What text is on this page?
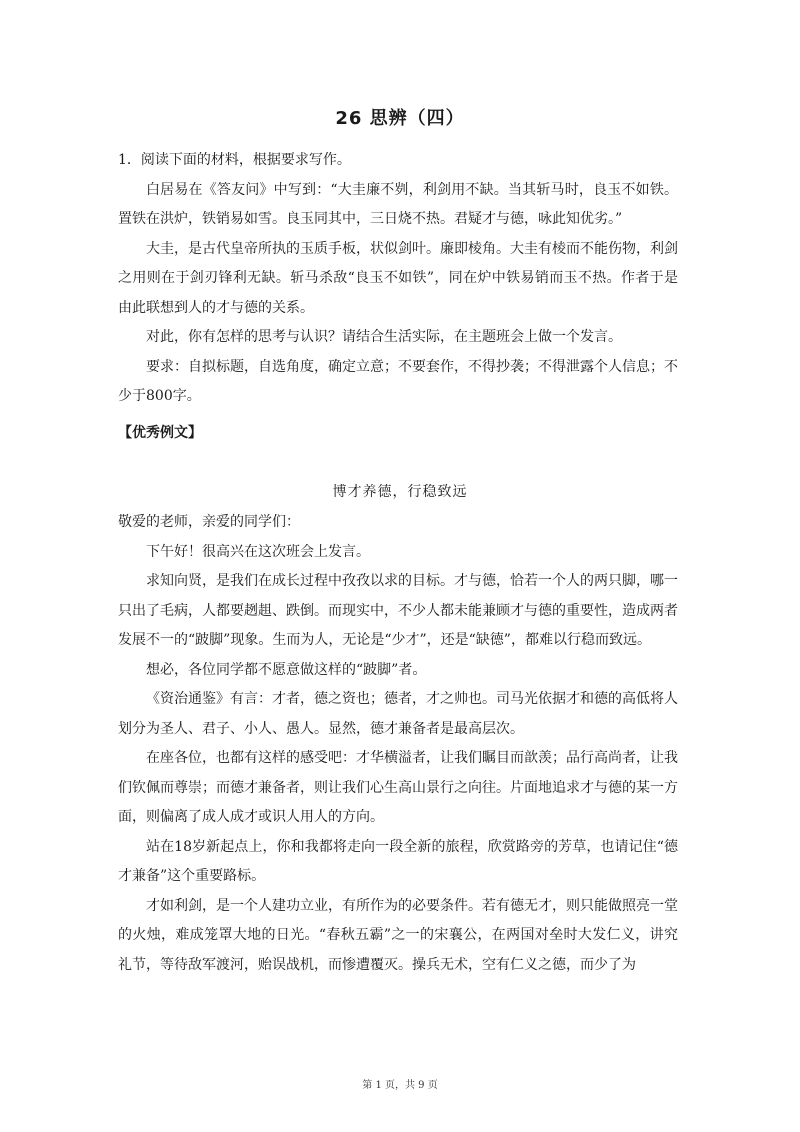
26 思辨（四）

1．阅读下面的材料，根据要求写作。

白居易在《答友问》中写到：“大圭廉不刿，利剑用不缺。当其斩马时，良玉不如铁。置铁在洪炉，铁销易如雪。良玉同其中，三日烧不热。君疑才与德，咏此知优劣。”

大圭，是古代皇帝所执的玉质手板，状似剑叶。廉即棱角。大圭有棱而不能伤物，利剑之用则在于剑刃锋利无缺。斩马杀敌“良玉不如铁”，同在炉中铁易销而玉不热。作者于是由此联想到人的才与德的关系。

对此，你有怎样的思考与认识？请结合生活实际，在主题班会上做一个发言。

要求：自拟标题，自选角度，确定立意；不要套作，不得抄袭；不得泄露个人信息；不少于800字。

【优秀例文】
博才养德，行稳致远

敬爱的老师，亲爱的同学们：

下午好！很高兴在这次班会上发言。

求知向贤，是我们在成长过程中孜孜以求的目标。才与德，恰若一个人的两只脚，哪一只出了毛病，人都要趔趄、跌倒。而现实中，不少人都未能兼顾才与德的重要性，造成两者发展不一的“跛脚”现象。生而为人，无论是“少才”，还是“缺德”，都难以行稳而致远。

想必，各位同学都不愿意做这样的“跛脚”者。

《资治通鉴》有言：才者，德之资也；德者，才之帅也。司马光依据才和德的高低将人划分为圣人、君子、小人、愚人。显然，德才兼备者是最高层次。

在座各位，也都有这样的感受吧：才华横溢者，让我们瞩目而歆羡；品行高尚者，让我们钦佩而尊崇；而德才兼备者，则让我们心生高山景行之向往。片面地追求才与德的某一方面，则偏离了成人成才或识人用人的方向。

站在18岁新起点上，你和我都将走向一段全新的旅程，欣赏路旁的芳草，也请记住“德才兼备”这个重要路标。

才如利剑，是一个人建功立业，有所作为的必要条件。若有德无才，则只能做照亮一堂的火烛，难成笼罩大地的日光。“春秋五霸”之一的宋襄公，在两国对垒时大发仁义，讲究礼节，等待敌军渡河，贻误战机，而惨遭覆灭。操兵无术，空有仁义之德，而少了为

第 1 页，共 9 页
